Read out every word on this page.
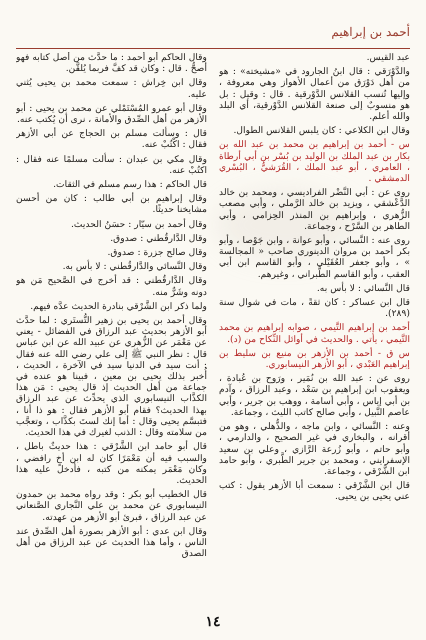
أحمد بن إبراهيم

عبد القيس.

والدَّوْرَقي : قال ابنُ الجارود في «مشيخته» : هو من أهل دَوْرَق من أعمال الأهواز وهي معروفة ، وإليها تُنسب القلانس الدَّوْرقية . قال : وقيل : بل هو منسوبٌ إلى صنعة القلانس الدَّوْرقية، أي البلد والله أعلم.

وقال ابن الكلاعي : كان يلبس القلانس الطوال.

س - أحمد بن إبراهيم بن محمد بن عبد الله بن بكار بن عبد الملك بن الوليد بن بُسْر بن أبي أرطاة ، العامري ، أبو عبد الملك ، القُرَشيُّ ، البُسْري الدمشقي .

روى عن : أبي النَّضْر الفراديسي ، ومحمد بن خالد الدَّعْشقي ، ويزيد بن خالد الرَّملي ، وأبي مصعب الزُّهري ، وإبراهيم بن المنذر الحِزامي ، وأبي الطاهر بن السَّرْح ، وجماعة.

روى عنه : النَّسائي ، وأبو عوانة ، وابن جَوْصا ، وأبو بكر أحمد بن مروان الدينوري صاحب « المجالسة » ، وأبو جعفر العُقَيْلي ، وأبو القاسم ابن أبي العقب ، وأبو القاسم الطَّبراني ، وغيرهم.

قال النَّسائي : لا بأس به.

قال ابن عساكر : كان ثقةً ، مات في شوال سنة (٢٨٩).

أحمد بن إبراهيم التَّيمي ، صوابه إبراهيم بن محمد التَّيمي ، يأتي . والحديث في أوائل النِّكاح من (د).

س ق - أحمد بن الأزهر بن منيع بن سليط بن إبراهيم العَبْدي ، أبو الأزهر النيسابوري.

روى عن : عبد الله بن نُمَير ، ورَوح بن عُبادة ، ويعقوب ابن إبراهيم بن سَعْد ، وعبد الرزاق ، وآدم بن أبي إياس ، وأبي أسامة ، ووهب بن جرير ، وأبي عاصم النَّبيل ، وأبي صالح كاتب الليث ، وجماعة.

وعنه : النَّسائي ، وابن ماجه ، والذُّهلي ، وهو من أقرانه ، والبخاري في غير الصحيح ، والدارمي ، وأبو حاتم ، وأبو زُرعة الرَّازي ، وعلي بن سعيد الإسفرايني ، ومحمد بن جرير الطَّبري ، وأبو حامد ابن الشَّرْقي ، وجماعة.

قال ابن الشَّرْقي : سمعت أبا الأزهر يقول : كتب عني يحيى بن يحيى.

وقال الحاكم أبو أحمد : ما حدَّث من أصل كتابه فهو أصحُّ . قال : وكان قد كفَّ فربما يُلقَّن.

وقال ابن خِراش : سمعت محمد بن يحيى يُثني عليه.

وقال أبو عمرو المُسْتَمْلي عن محمد بن يحيى : أبو الأزهر من أهل الصِّدق والأمانة ، نرى أن يُكتب عنه.

قال : وسألت مسلم بن الحجاج عن أبي الأزهر فقال : اكْتُبْ عنه.

وقال مكي بن عبدان : سألت مسلمًا عنه فقال : اكتُبْ عنه.

قال الحاكم : هذا رسم مسلم في الثقات.

وقال إبراهيم بن أبي طالب : كان من أحسن مشايخنا حديثًا.

وقال أحمد بن سيّار : حسَنُ الحديث.

وقال الدَّارقُطني : صدوق.

وقال صالح جزرة : صدوق.

وقال النَّسائي والدَّارقُطني : لا بأس به.

وقال الدَّارقُطني : قد أخرج في الصَّحيح مَن هو دونه وشَرٌّ منه.

ولما ذكر ابن الشَّرْقي بنادرة الحديث عدَّه فيهم.

وقال أحمد بن يحيى بن زهير التُّستَري : لما حدَّث أبو الأزهر بحديث عبد الرزاق في الفضائل - يعني عن مَعْمَر عن الزُّهري عن عبيد الله عن ابن عباس قال : نظر النبي ﷺ إلى علي رضي الله عنه فقال : أنت سيد في الدنيا سيد في الآخرة ، الحديث ، أُخبر بذلك يحيى بن معين ، فبينا هو عنده في جماعة من أهل الحديث إذ قال يحيى : مَن هذا الكذَّاب النيسابوري الذي يحدِّث عن عبد الرزاق بهذا الحديث؟ فقام أبو الأزهر فقال : هو ذا أنا ، فتبسَّم يحيى وقال : أما إنك لستَ بكذَّاب ، وتعجَّب من سلامته وقال : الذنب لغيرك في هذا الحديث.

قال أبو حامد ابن الشَّرْقي : هذا حديثٌ باطل ، والسبب فيه أن مَعْمَرًا كان له ابن أخٍ رافضي ، وكان مَعْمَر يمكنه من كتبه ، فأدخل عليه هذا الحديث.

قال الخطيب أبو بكر : وقد رواه محمد بن حمدون النيسابوري عن محمد بن علي النَّجاري الصَّنعاني عن عبد الرزاق ، فبرئ أبو الأزهر من عهدته.

وقال ابن عدي : أبو الأزهر بصورة أهل الصِّدق عند الناس ، وأما هذا الحديث عن عبد الرزاق من أهل الصدق

١٤
